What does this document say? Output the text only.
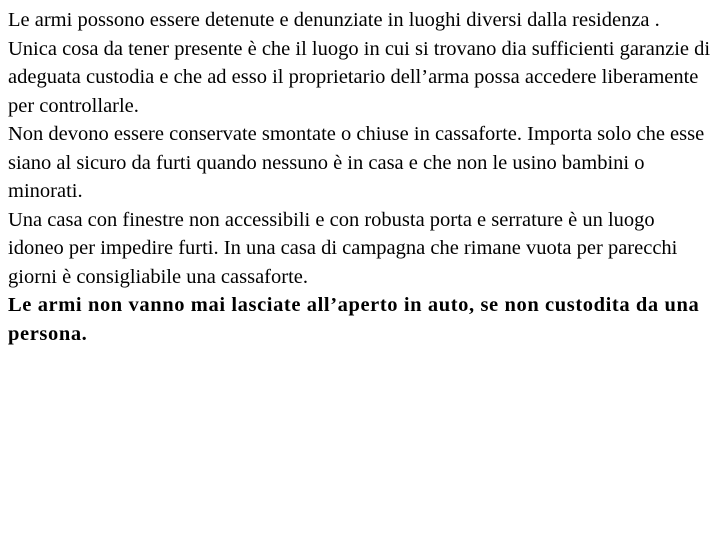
Le armi possono essere detenute e denunziate in luoghi diversi dalla residenza .

Unica cosa da tener presente è che il luogo in cui si trovano dia sufficienti garanzie di adeguata custodia e che ad esso il proprietario dell’arma possa accedere liberamente per controllarle.

Non devono essere conservate smontate o chiuse in cassaforte. Importa solo che esse siano al sicuro da furti quando nessuno è in casa e che non le usino bambini o minorati.

Una casa con finestre non accessibili e con robusta porta e serrature è un luogo idoneo per impedire furti. In una casa di campagna che rimane vuota per parecchi giorni è consigliabile una cassaforte.

Le armi non vanno mai lasciate all’aperto in auto, se non custodita da una persona.
